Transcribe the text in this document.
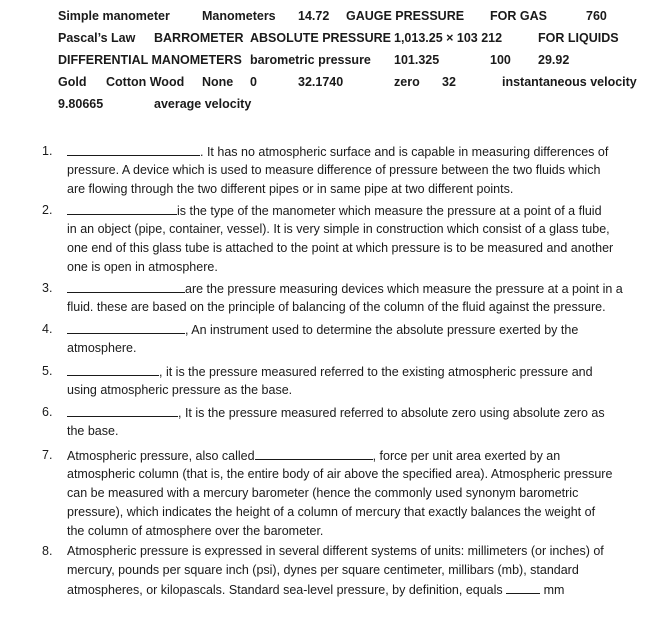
Simple manometer	Manometers 14.72 GAUGE PRESSURE FOR GAS	760
Pascal’s Law BARROMETER ABSOLUTE PRESSURE 1,013.25 × 103 212	FOR LIQUIDS
DIFFERENTIAL MANOMETERS barometric pressure 101.325	100 29.92
Gold Cotton Wood None 0	32.1740	zero 32	instantaneous velocity
9.80665	average velocity
1.	. It has no atmospheric surface and is capable in measuring differences of
pressure. A device which is used to measure difference of pressure between the two fluids which
are flowing through the two different pipes or in same pipe at two different points.
2.	is the type of the manometer which measure the pressure at a point of a fluid
in an object (pipe, container, vessel). It is very simple in construction which consist of a glass tube,
one end of this glass tube is attached to the point at which pressure is to be measured and another
one is open in atmosphere.
3.	are the pressure measuring devices which measure the pressure at a point in a
fluid. these are based on the principle of balancing of the column of the fluid against the pressure.
4.	, An instrument used to determine the absolute pressure exerted by the
atmosphere.
5.	, it is the pressure measured referred to the existing atmospheric pressure and
using atmospheric pressure as the base.
6.	, It is the pressure measured referred to absolute zero using absolute zero as
the base.
7. Atmospheric pressure, also called	, force per unit area exerted by an
atmospheric column (that is, the entire body of air above the specified area). Atmospheric pressure
can be measured with a mercury barometer (hence the commonly used synonym barometric
pressure), which indicates the height of a column of mercury that exactly balances the weight of
the column of atmosphere over the barometer.
8. Atmospheric pressure is expressed in several different systems of units: millimeters (or inches) of
mercury, pounds per square inch (psi), dynes per square centimeter, millibars (mb), standard
atmospheres, or kilopascals. Standard sea-level pressure, by definition, equals	mm
